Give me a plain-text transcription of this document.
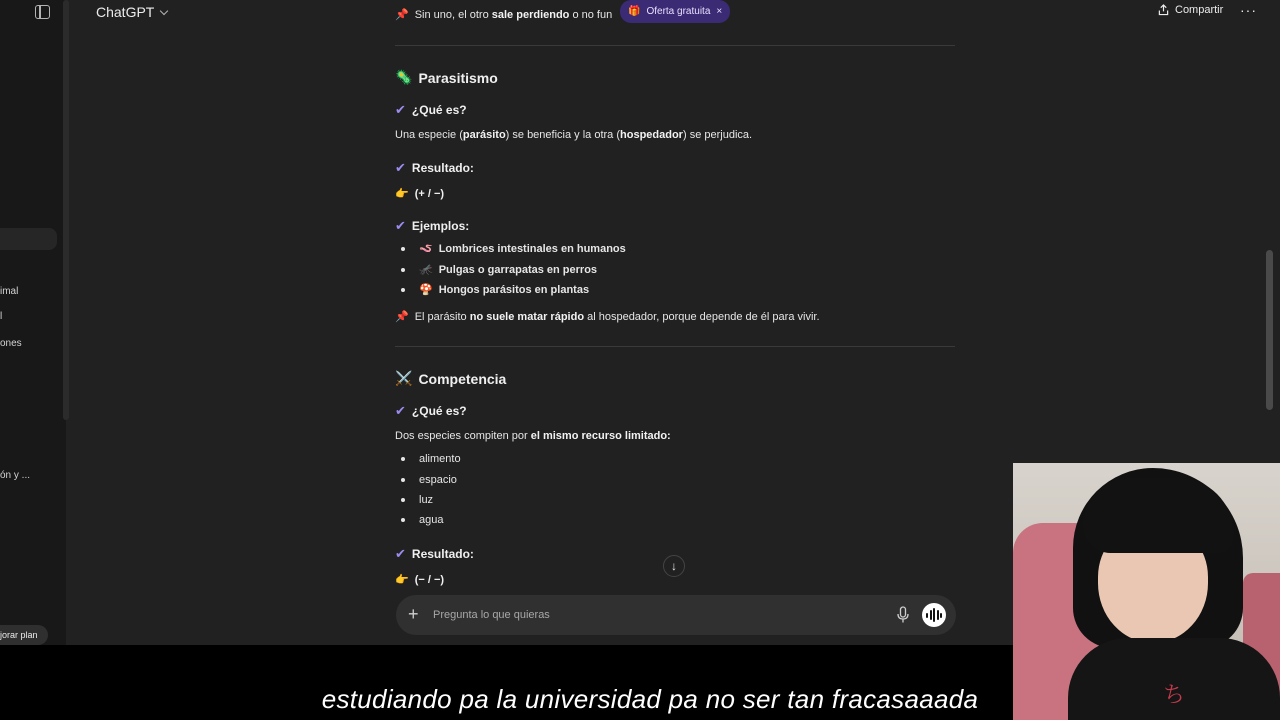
imal
l
ones
ón y ...
jorar plan
ChatGPT	🎁 Oferta gratuita ×	Compartir ···
📌 Sin uno, el otro sale perdiendo o no fun
🦠 Parasitismo
✔ ¿Qué es?
Una especie (parásito) se beneficia y la otra (hospedador) se perjudica.
✔ Resultado:
👉 (+ / −)
✔ Ejemplos:
🪱 Lombrices intestinales en humanos
🦟 Pulgas o garrapatas en perros
🍄 Hongos parásitos en plantas
📌 El parásito no suele matar rápido al hospedador, porque depende de él para vivir.
⚔️ Competencia
✔ ¿Qué es?
Dos especies compiten por el mismo recurso limitado:
alimento
espacio
luz
agua
✔ Resultado:
👉 (− / −)
↓
+
Pregunta lo que quieras
estudiando pa la universidad pa no ser tan fracasaaada	ち
